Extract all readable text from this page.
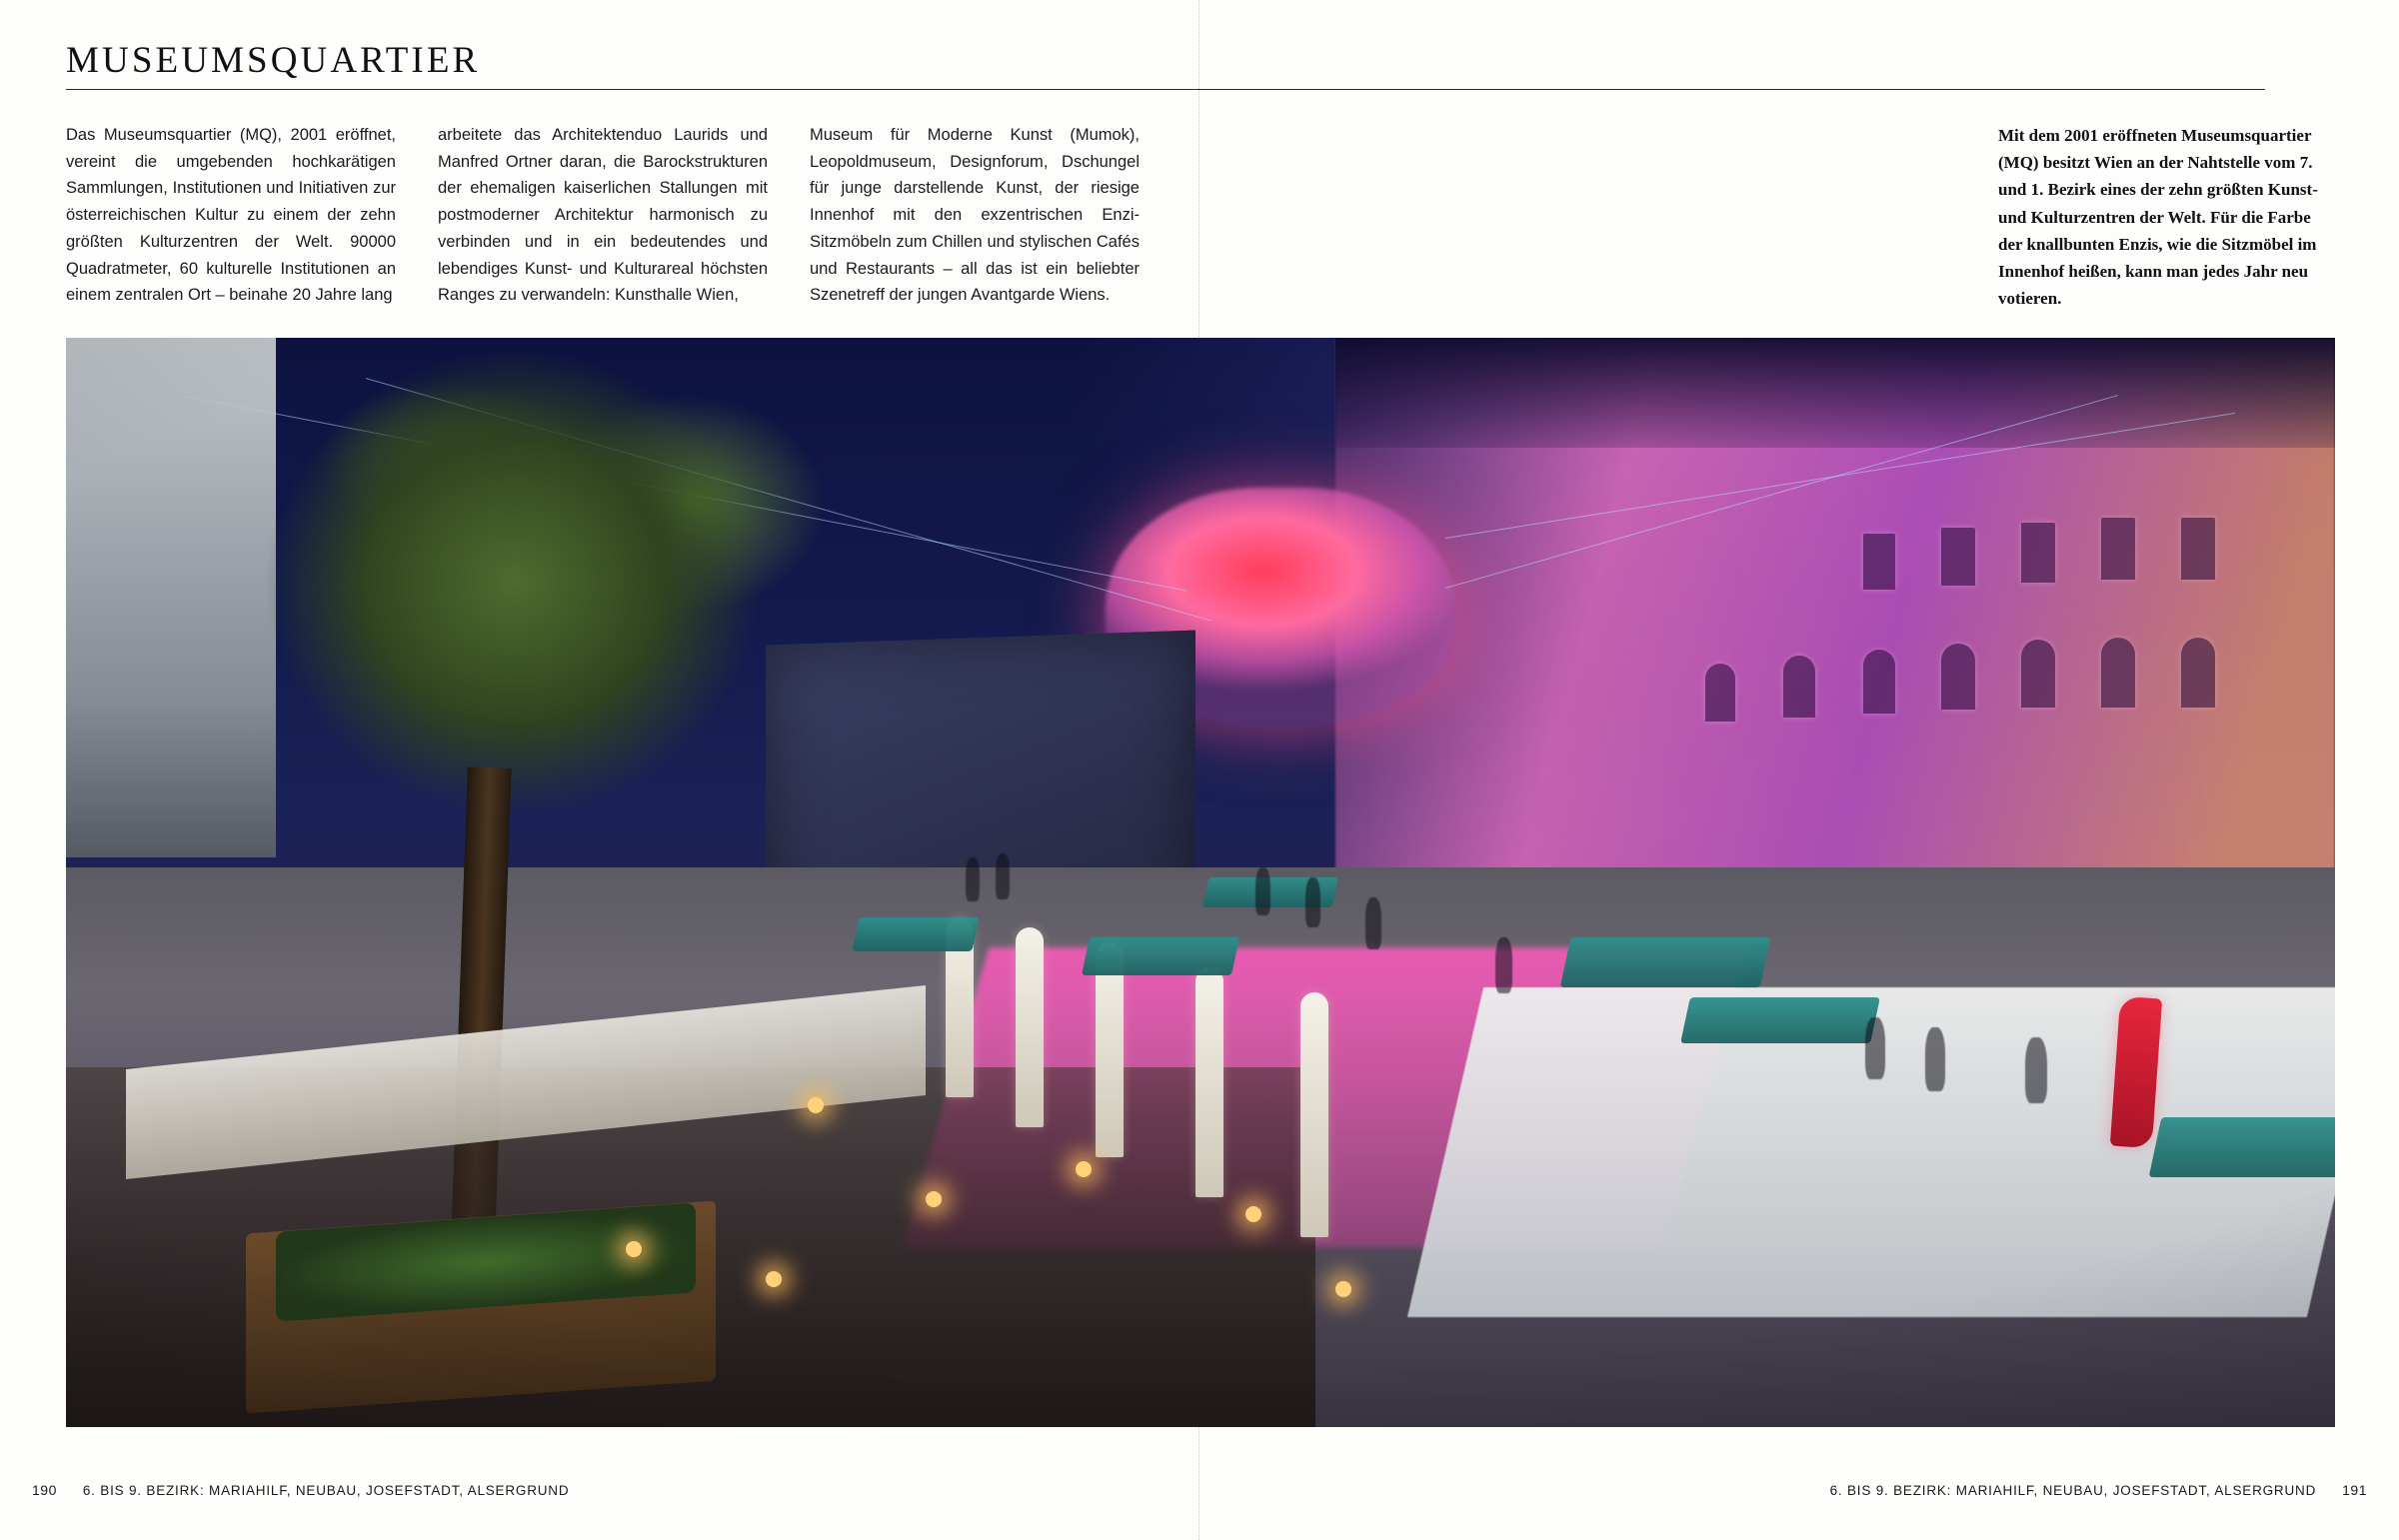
MUSEUMSQUARTIER

Das Museumsquartier (MQ), 2001 eröffnet, vereint die umgebenden hochkarätigen Sammlungen, Institutionen und Initiativen zur österreichischen Kultur zu einem der zehn größten Kulturzentren der Welt. 90000 Quadratmeter, 60 kulturelle Institutionen an einem zentralen Ort – beinahe 20 Jahre lang

arbeitete das Architektenduo Laurids und Manfred Ortner daran, die Barockstrukturen der ehemaligen kaiserlichen Stallungen mit postmoderner Architektur harmonisch zu verbinden und in ein bedeutendes und lebendiges Kunst- und Kulturareal höchsten Ranges zu verwandeln: Kunsthalle Wien,

Museum für Moderne Kunst (Mumok), Leopoldmuseum, Designforum, Dschungel für junge darstellende Kunst, der riesige Innenhof mit den exzentrischen Enzi-Sitzmöbeln zum Chillen und stylischen Cafés und Restaurants – all das ist ein beliebter Szenetreff der jungen Avantgarde Wiens.

Mit dem 2001 eröffneten Museumsquartier (MQ) besitzt Wien an der Nahtstelle vom 7. und 1. Bezirk eines der zehn größten Kunst- und Kulturzentren der Welt. Für die Farbe der knallbunten Enzis, wie die Sitzmöbel im Innenhof heißen, kann man jedes Jahr neu votieren.

190 6. BIS 9. BEZIRK: MARIAHILF, NEUBAU, JOSEFSTADT, ALSERGRUND	6. BIS 9. BEZIRK: MARIAHILF, NEUBAU, JOSEFSTADT, ALSERGRUND 191
